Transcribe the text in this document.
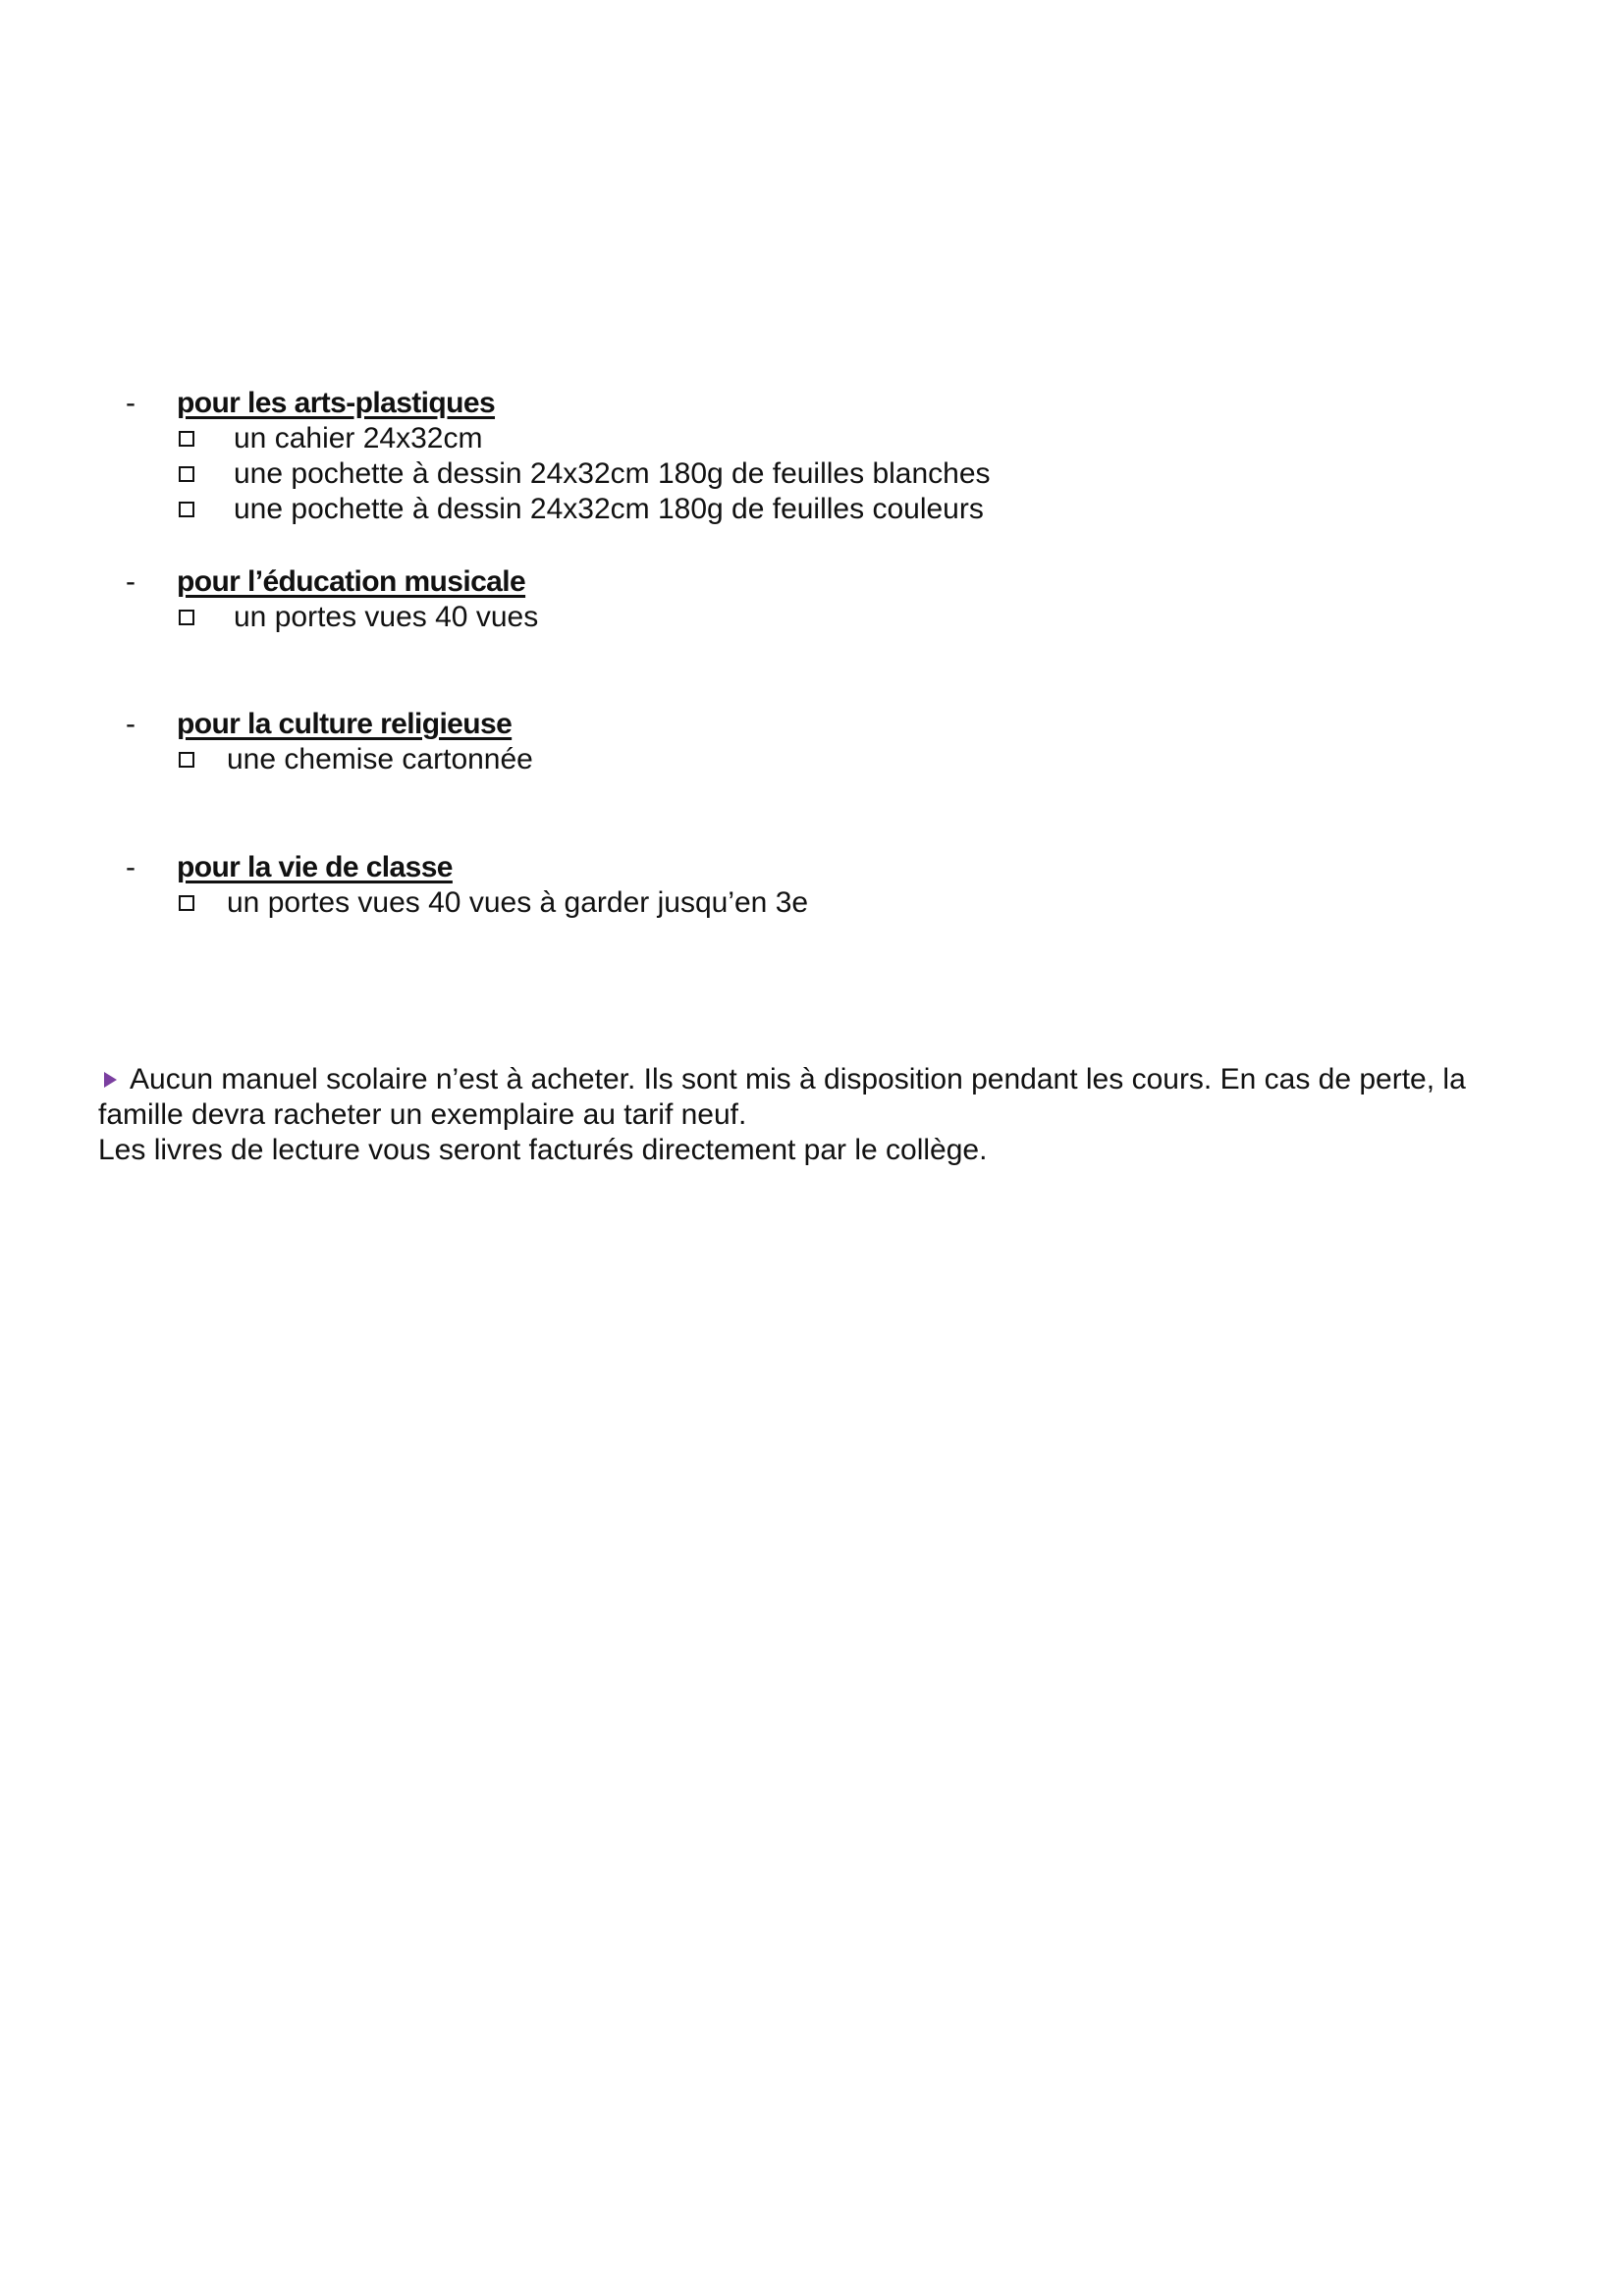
- pour les arts-plastiques
un cahier 24x32cm
une pochette à dessin 24x32cm 180g de feuilles blanches
une pochette à dessin 24x32cm 180g de feuilles couleurs
- pour l’éducation musicale
un portes vues 40 vues
- pour la culture religieuse
une chemise cartonnée
- pour la vie de classe
un portes vues 40 vues à garder jusqu’en 3e
Aucun manuel scolaire n’est à acheter. Ils sont mis à disposition pendant les cours. En cas de perte, la
famille devra racheter un exemplaire au tarif neuf.
Les livres de lecture vous seront facturés directement par le collège.
